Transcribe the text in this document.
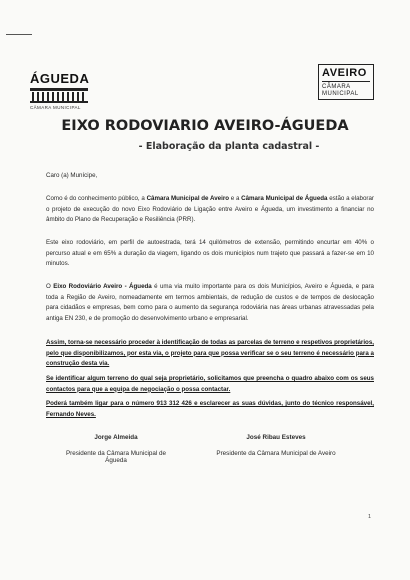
ÁGUEDA
CÂMARA MUNICIPAL
AVEIRO
CÂMARA
MUNICIPAL
EIXO RODOVIARIO AVEIRO-ÁGUEDA
- Elaboração da planta cadastral -
Caro (a) Munícipe,
Como é do conhecimento público, a Câmara Municipal de Aveiro e a Câmara Municipal de Águeda estão a elaborar o projeto de execução do novo Eixo Rodoviário de Ligação entre Aveiro e Águeda, um investimento a financiar no âmbito do Plano de Recuperação e Resiliência (PRR).
Este eixo rodoviário, em perfil de autoestrada, terá 14 quilómetros de extensão, permitindo encurtar em 40% o percurso atual e em 65% a duração da viagem, ligando os dois municípios num trajeto que passará a fazer-se em 10 minutos.
O Eixo Rodoviário Aveiro - Águeda é uma via muito importante para os dois Municípios, Aveiro e Águeda, e para toda a Região de Aveiro, nomeadamente em termos ambientais, de redução de custos e de tempos de deslocação para cidadãos e empresas, bem como para o aumento da segurança rodoviária nas áreas urbanas atravessadas pela antiga EN 230, e de promoção do desenvolvimento urbano e empresarial.
Assim, torna-se necessário proceder à identificação de todas as parcelas de terreno e respetivos proprietários, pelo que disponibilizamos, por esta via, o projeto para que possa verificar se o seu terreno é necessário para a construção desta via.
Se identificar algum terreno do qual seja proprietário, solicitamos que preencha o quadro abaixo com os seus contactos para que a equipa de negociação o possa contactar.
Poderá também ligar para o número 913 312 426 e esclarecer as suas dúvidas, junto do técnico responsável, Fernando Neves.
Jorge Almeida
Presidente da Câmara Municipal de Águeda
José Ribau Esteves
Presidente da Câmara Municipal de Aveiro
1
